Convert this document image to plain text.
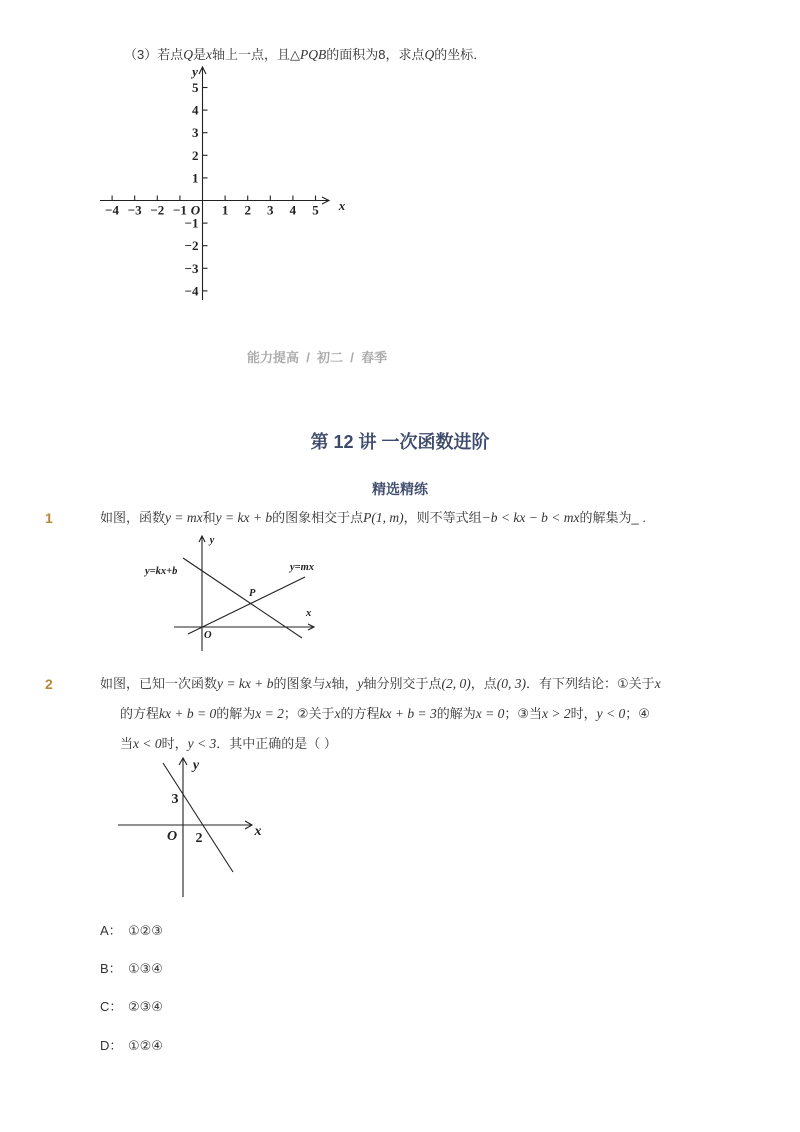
（3）若点Q是x轴上一点，且△PQB的面积为8，求点Q的坐标．
−4 −3 −2 −1	1 2 3 4 5
5
4
3
2
1
−1
−2
−3
−4
y
x
O
能力提高  /  初二  /  春季
第 12 讲 一次函数进阶
精选精练
1	如图，函数y = mx和y = kx + b的图象相交于点P(1, m)，则不等式组−b < kx − b < mx的解集为_ .
y
y=kx+b	y=mx
P
x
O
2	如图，已知一次函数y = kx + b的图象与x轴，y轴分别交于点(2, 0)，点(0, 3)．有下列结论：①关于x
的方程kx + b = 0的解为x = 2；②关于x的方程kx + b = 3的解为x = 0；③当x > 2时，y < 0；④
当x < 0时，y < 3．其中正确的是（ ）
y
3
O 2	x
A： ①②③
B： ①③④
C： ②③④
D： ①②④
